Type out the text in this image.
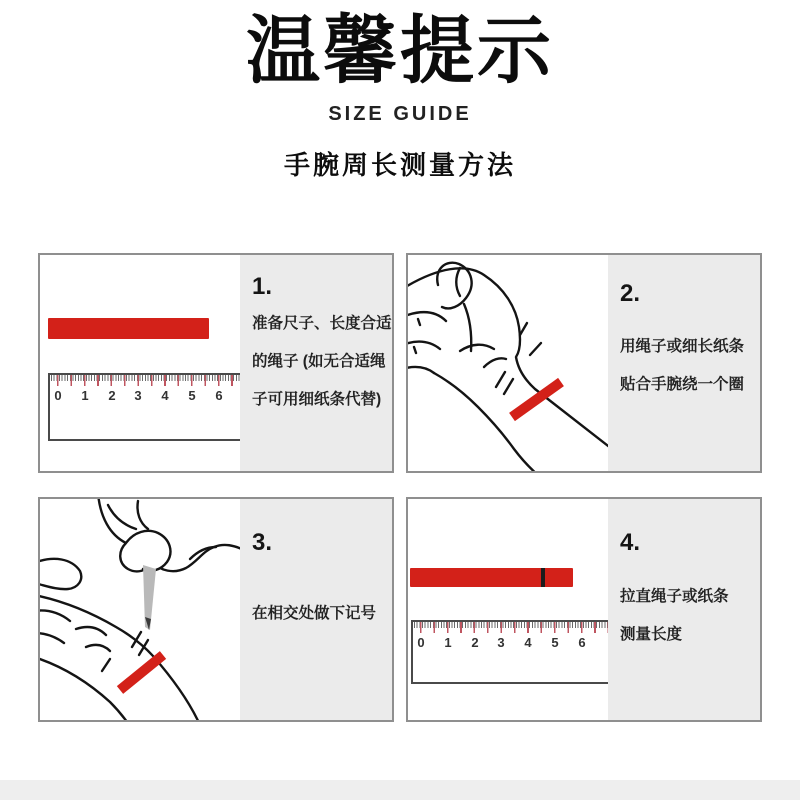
温馨提示
SIZE GUIDE
手腕周长测量方法
0	1	2	3	4	5	6
1.
准备尺子、长度合适
的绳子 (如无合适绳
子可用细纸条代替)
2.
用绳子或细长纸条
贴合手腕绕一个圈
3.
在相交处做下记号
0	1	2	3	4	5	6
4.
拉直绳子或纸条
测量长度
